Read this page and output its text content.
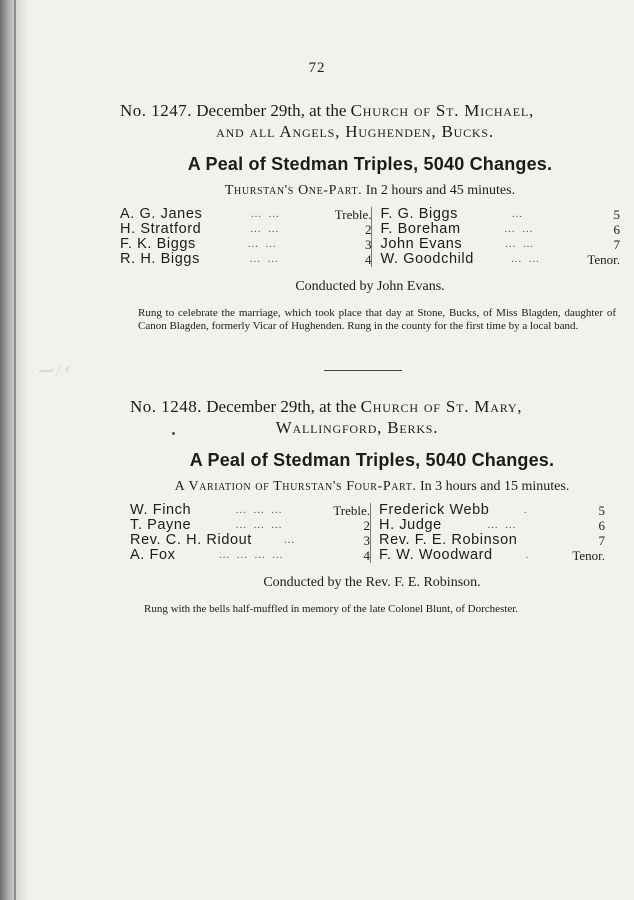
72
No. 1247. December 29th, at the Church of St. Michael,
and all Angels, Hughenden, Bucks.
A Peal of Stedman Triples, 5040 Changes.
Thurstan's One-Part. In 2 hours and 45 minutes.
A. G. Janes	… …	Treble.
H. Stratford	… …	2
F. K. Biggs	… …	3
R. H. Biggs	… …	4
F. G. Biggs	…	5
F. Boreham	… …	6
John Evans	… …	7
W. Goodchild	… …	Tenor.
Conducted by John Evans.
Rung to celebrate the marriage, which took place that day at Stone, Bucks, of Miss Blagden, daughter of Canon Blagden, formerly Vicar of Hughenden. Rung in the county for the first time by a local band.
⁓ ⁄ ⸗
No. 1248. December 29th, at the Church of St. Mary,
Wallingford, Berks.
A Peal of Stedman Triples, 5040 Changes.
A Variation of Thurstan's Four-Part. In 3 hours and 15 minutes.
W. Finch	… … …	Treble.
T. Payne	… … …	2
Rev. C. H. Ridout	…	3
A. Fox	… … … …	4
Frederick Webb	.	5
H. Judge	… …	6
Rev. F. E. Robinson	7
F. W. Woodward	.	Tenor.
Conducted by the Rev. F. E. Robinson.
Rung with the bells half-muffled in memory of the late Colonel Blunt, of Dorchester.
